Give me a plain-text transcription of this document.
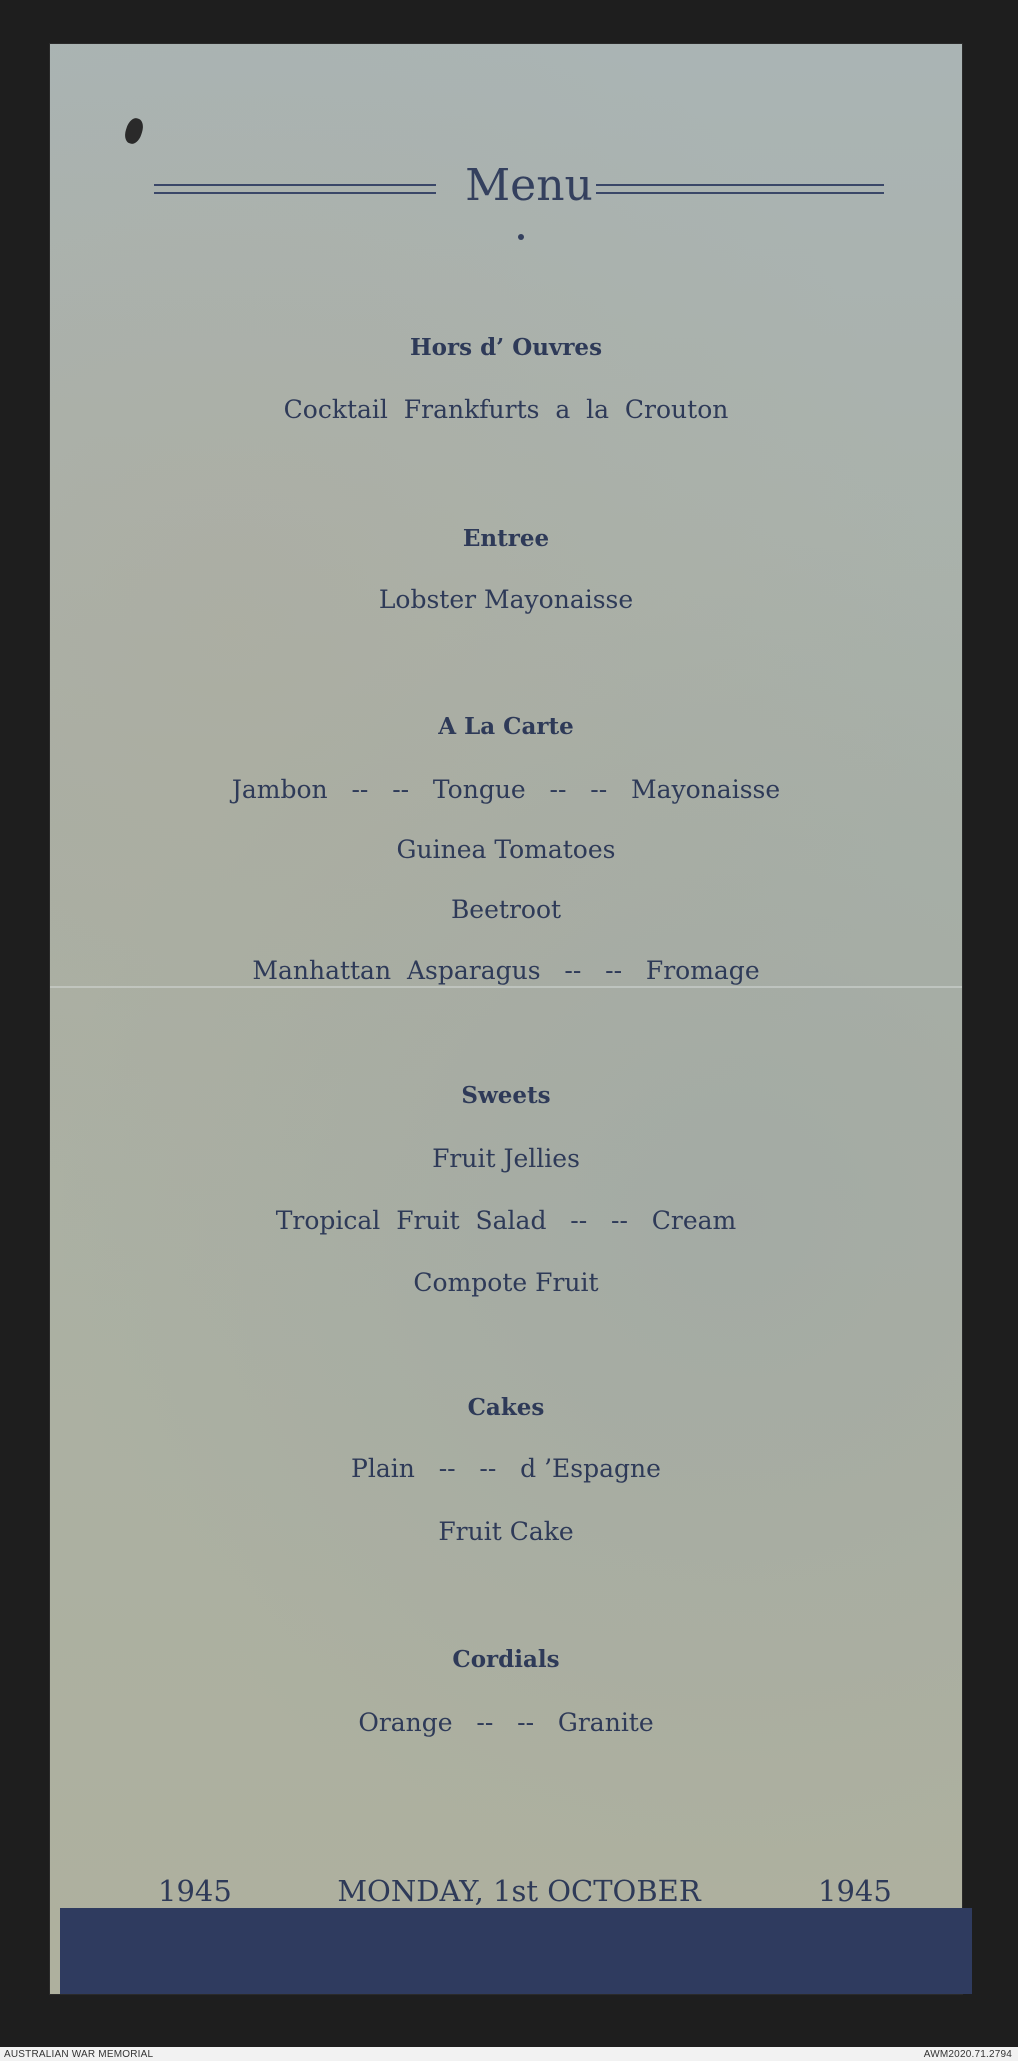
Menu
Hors d’ Ouvres
Cocktail  Frankfurts  a  la  Crouton
Entree
Lobster Mayonaisse
A La Carte
Jambon   --   --   Tongue   --   --   Mayonaisse
Guinea Tomatoes
Beetroot
Manhattan  Asparagus   --   --   Fromage
Sweets
Fruit Jellies
Tropical  Fruit  Salad   --   --   Cream
Compote Fruit
Cakes
Plain   --   --   d ’Espagne
Fruit Cake
Cordials
Orange   --   --   Granite
1945	MONDAY, 1st OCTOBER	1945
AUSTRALIAN WAR MEMORIAL	AWM2020.71.2794
